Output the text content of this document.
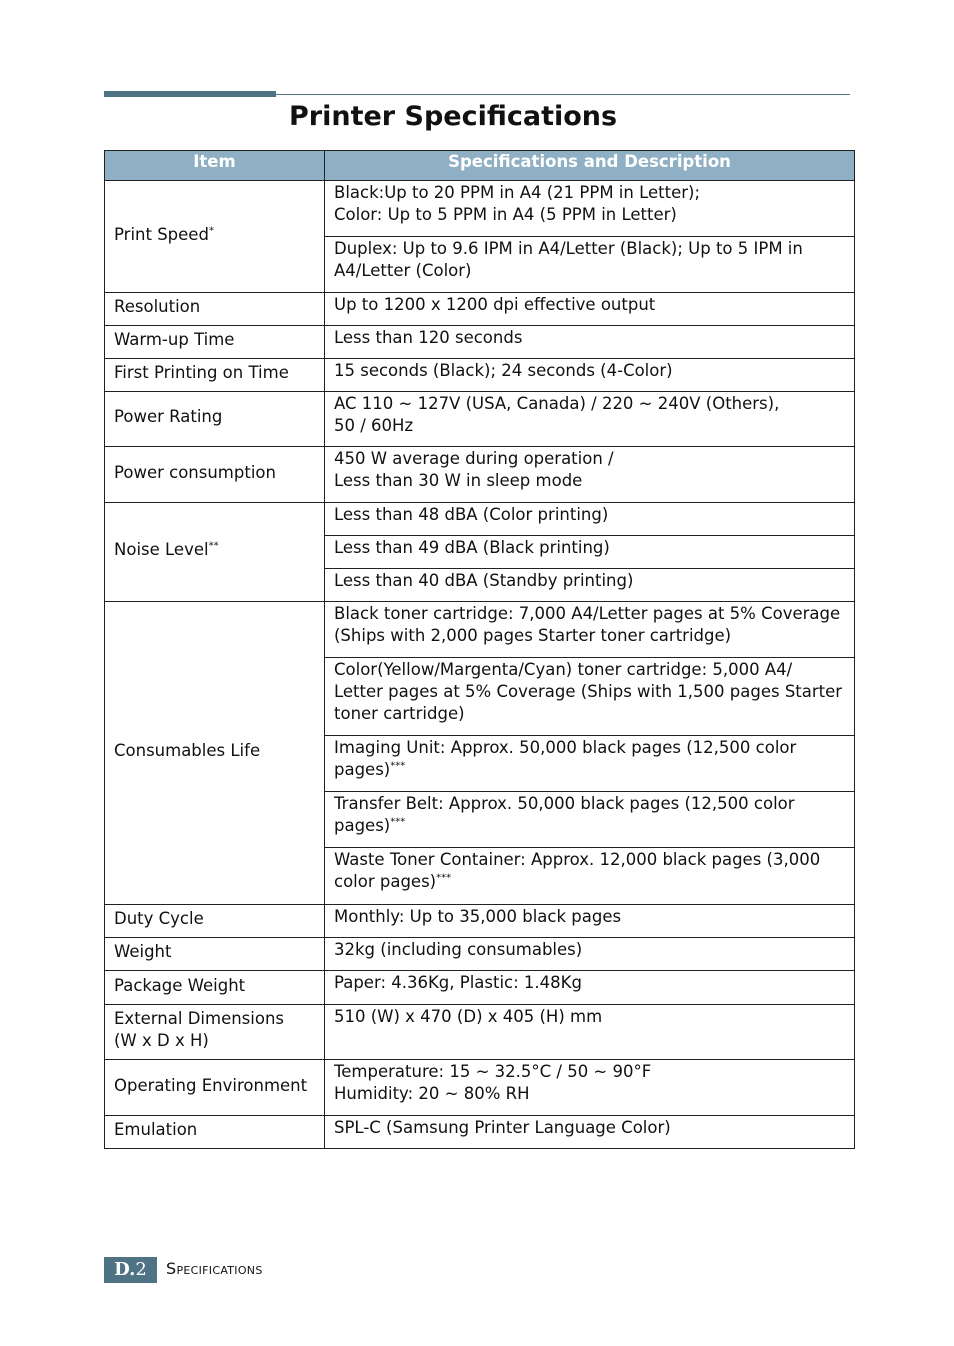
Printer Specifications
Item	Specifications and Description
Print Speed*	Black:Up to 20 PPM in A4 (21 PPM in Letter);
Color: Up to 5 PPM in A4 (5 PPM in Letter)
	Duplex: Up to 9.6 IPM in A4/Letter (Black); Up to 5 IPM in A4/Letter (Color)
Resolution	Up to 1200 x 1200 dpi effective output
Warm-up Time	Less than 120 seconds
First Printing on Time	15 seconds (Black); 24 seconds (4-Color)
Power Rating	AC 110 ~ 127V (USA, Canada) / 220 ~ 240V (Others),
50 / 60Hz
Power consumption	450 W average during operation /
Less than 30 W in sleep mode
Noise Level**	Less than 48 dBA (Color printing)
	Less than 49 dBA (Black printing)
	Less than 40 dBA (Standby printing)
Consumables Life	Black toner cartridge: 7,000 A4/Letter pages at 5% Coverage (Ships with 2,000 pages Starter toner cartridge)
	Color(Yellow/Margenta/Cyan) toner cartridge: 5,000 A4/
Letter pages at 5% Coverage (Ships with 1,500 pages Starter toner cartridge)
	Imaging Unit: Approx. 50,000 black pages (12,500 color pages)***
	Transfer Belt: Approx. 50,000 black pages (12,500 color pages)***
	Waste Toner Container: Approx. 12,000 black pages (3,000 color pages)***
Duty Cycle	Monthly: Up to 35,000 black pages
Weight	32kg (including consumables)
Package Weight	Paper: 4.36Kg, Plastic: 1.48Kg
External Dimensions
(W x D x H)	510 (W) x 470 (D) x 405 (H) mm
Operating Environment	Temperature: 15 ~ 32.5°C / 50 ~ 90°F
Humidity: 20 ~ 80% RH
Emulation	SPL-C (Samsung Printer Language Color)
D.2	Specifications
